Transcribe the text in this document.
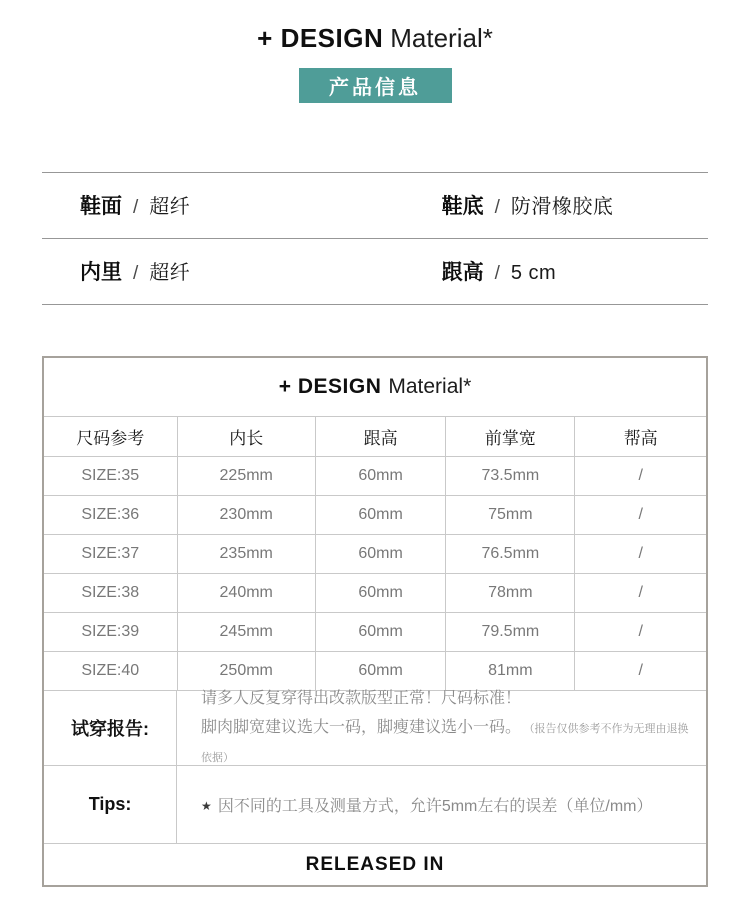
+ DESIGN Material*
产品信息
鞋面 / 超纤	鞋底 / 防滑橡胶底
内里 / 超纤	跟高 / 5 cm
+ DESIGN Material*
尺码参考	内长	跟高	前掌宽	帮高
SIZE:35	225mm	60mm	73.5mm	/
SIZE:36	230mm	60mm	75mm	/
SIZE:37	235mm	60mm	76.5mm	/
SIZE:38	240mm	60mm	78mm	/
SIZE:39	245mm	60mm	79.5mm	/
SIZE:40	250mm	60mm	81mm	/
试穿报告:
请多人反复穿得出改款版型正常！尺码标准！
脚肉脚宽建议选大一码，脚瘦建议选小一码。 （报告仅供参考不作为无理由退换依据）
Tips:	★ 因不同的工具及测量方式，允许5mm左右的误差（单位/mm）
RELEASED IN
